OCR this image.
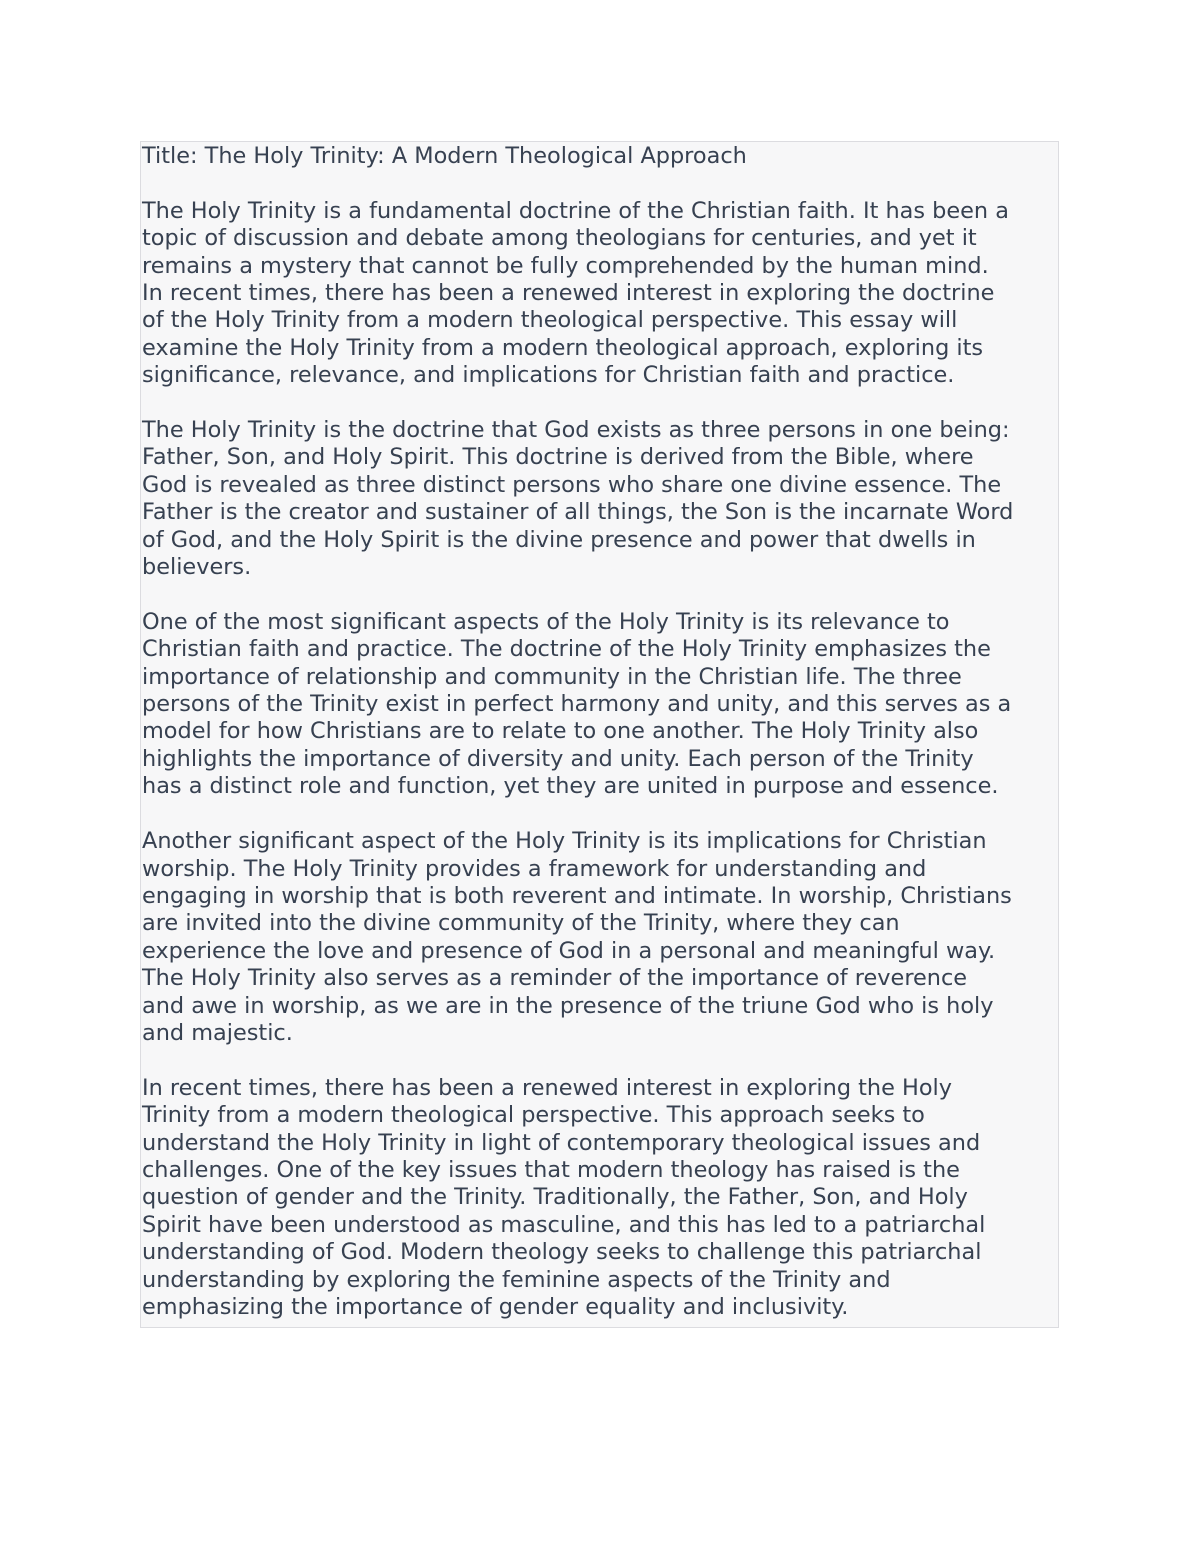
Title: The Holy Trinity: A Modern Theological Approach

The Holy Trinity is a fundamental doctrine of the Christian faith. It has been a
topic of discussion and debate among theologians for centuries, and yet it
remains a mystery that cannot be fully comprehended by the human mind.
In recent times, there has been a renewed interest in exploring the doctrine
of the Holy Trinity from a modern theological perspective. This essay will
examine the Holy Trinity from a modern theological approach, exploring its
significance, relevance, and implications for Christian faith and practice.

The Holy Trinity is the doctrine that God exists as three persons in one being:
Father, Son, and Holy Spirit. This doctrine is derived from the Bible, where
God is revealed as three distinct persons who share one divine essence. The
Father is the creator and sustainer of all things, the Son is the incarnate Word
of God, and the Holy Spirit is the divine presence and power that dwells in
believers.

One of the most significant aspects of the Holy Trinity is its relevance to
Christian faith and practice. The doctrine of the Holy Trinity emphasizes the
importance of relationship and community in the Christian life. The three
persons of the Trinity exist in perfect harmony and unity, and this serves as a
model for how Christians are to relate to one another. The Holy Trinity also
highlights the importance of diversity and unity. Each person of the Trinity
has a distinct role and function, yet they are united in purpose and essence.

Another significant aspect of the Holy Trinity is its implications for Christian
worship. The Holy Trinity provides a framework for understanding and
engaging in worship that is both reverent and intimate. In worship, Christians
are invited into the divine community of the Trinity, where they can
experience the love and presence of God in a personal and meaningful way.
The Holy Trinity also serves as a reminder of the importance of reverence
and awe in worship, as we are in the presence of the triune God who is holy
and majestic.

In recent times, there has been a renewed interest in exploring the Holy
Trinity from a modern theological perspective. This approach seeks to
understand the Holy Trinity in light of contemporary theological issues and
challenges. One of the key issues that modern theology has raised is the
question of gender and the Trinity. Traditionally, the Father, Son, and Holy
Spirit have been understood as masculine, and this has led to a patriarchal
understanding of God. Modern theology seeks to challenge this patriarchal
understanding by exploring the feminine aspects of the Trinity and
emphasizing the importance of gender equality and inclusivity.
